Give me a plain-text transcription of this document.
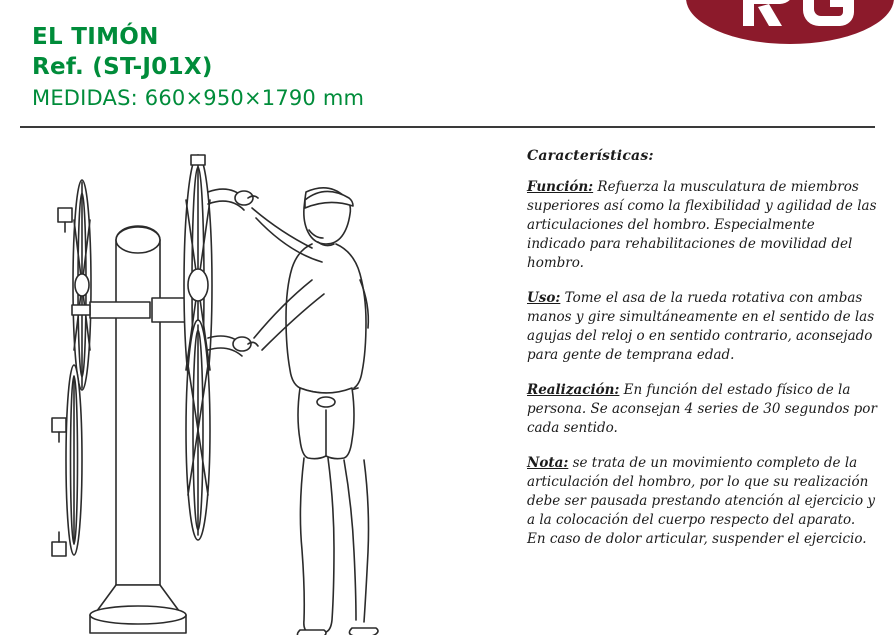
EL TIMÓN
Ref. (ST-J01X)
MEDIDAS: 660×950×1790 mm
Características:

Función: Refuerza la musculatura de miembros superiores así como la flexibilidad y agilidad de las articulaciones del hombro. Especialmente indicado para rehabilitaciones de movilidad del hombro.

Uso: Tome el asa de la rueda rotativa con ambas manos y gire simultáneamente en el sentido de las agujas del reloj o en sentido contrario, aconsejado para gente de temprana edad.

Realización: En función del estado físico de la persona. Se aconsejan 4 series de 30 segundos por cada sentido.

Nota: se trata de un movimiento completo de la articulación del hombro, por lo que su realización debe ser pausada prestando atención al ejercicio y a la colocación del cuerpo respecto del aparato. En caso de dolor articular, suspender el ejercicio.
